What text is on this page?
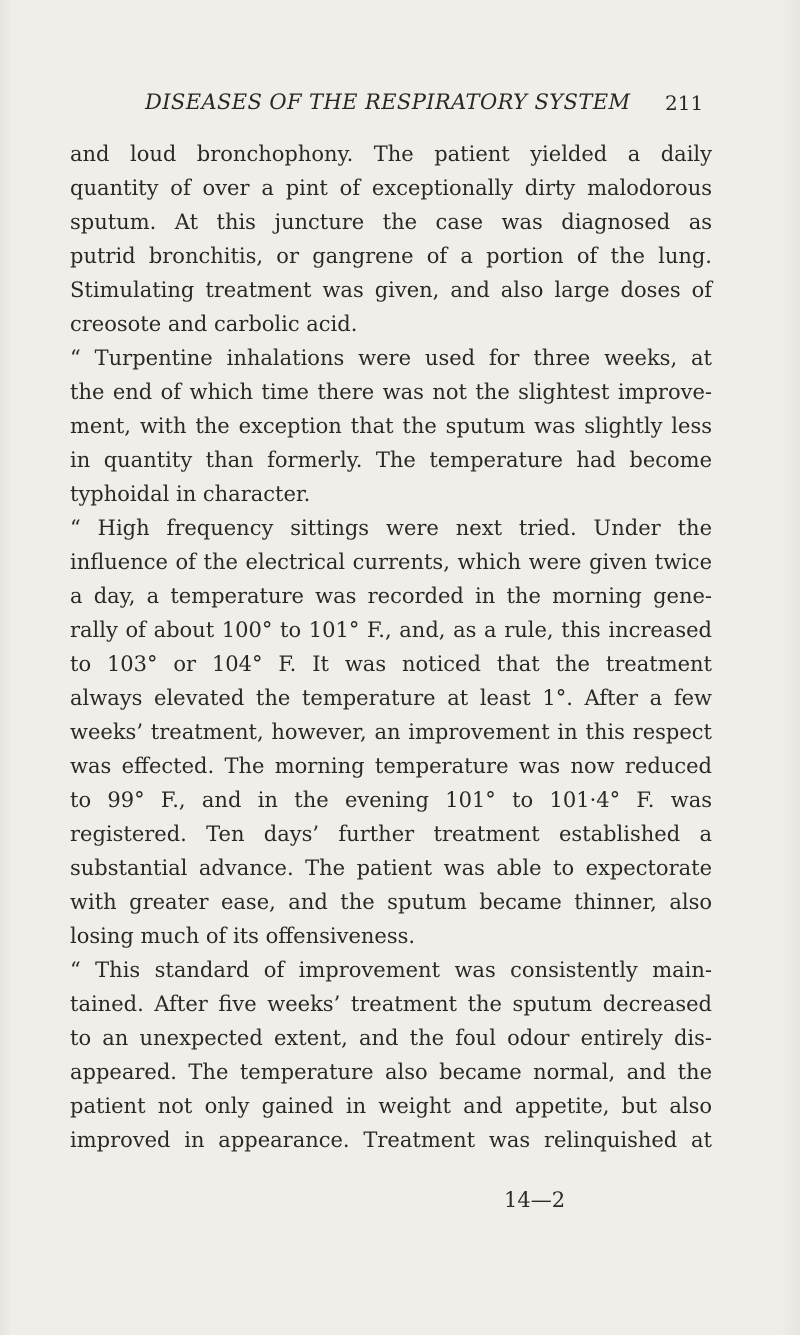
DISEASES OF THE RESPIRATORY SYSTEM 211
and loud bronchophony. The patient yielded a daily
quantity of over a pint of exceptionally dirty malodorous
sputum. At this juncture the case was diagnosed as
putrid bronchitis, or gangrene of a portion of the lung.
Stimulating treatment was given, and also large doses of
creosote and carbolic acid.
“ Turpentine inhalations were used for three weeks, at
the end of which time there was not the slightest improve-
ment, with the exception that the sputum was slightly less
in quantity than formerly. The temperature had become
typhoidal in character.
“ High frequency sittings were next tried. Under the
influence of the electrical currents, which were given twice
a day, a temperature was recorded in the morning gene-
rally of about 100° to 101° F., and, as a rule, this increased
to 103° or 104° F. It was noticed that the treatment
always elevated the temperature at least 1°. After a few
weeks’ treatment, however, an improvement in this respect
was effected. The morning temperature was now reduced
to 99° F., and in the evening 101° to 101·4° F. was
registered. Ten days’ further treatment established a
substantial advance. The patient was able to expectorate
with greater ease, and the sputum became thinner, also
losing much of its offensiveness.
“ This standard of improvement was consistently main-
tained. After five weeks’ treatment the sputum decreased
to an unexpected extent, and the foul odour entirely dis-
appeared. The temperature also became normal, and the
patient not only gained in weight and appetite, but also
improved in appearance. Treatment was relinquished at
14—2
